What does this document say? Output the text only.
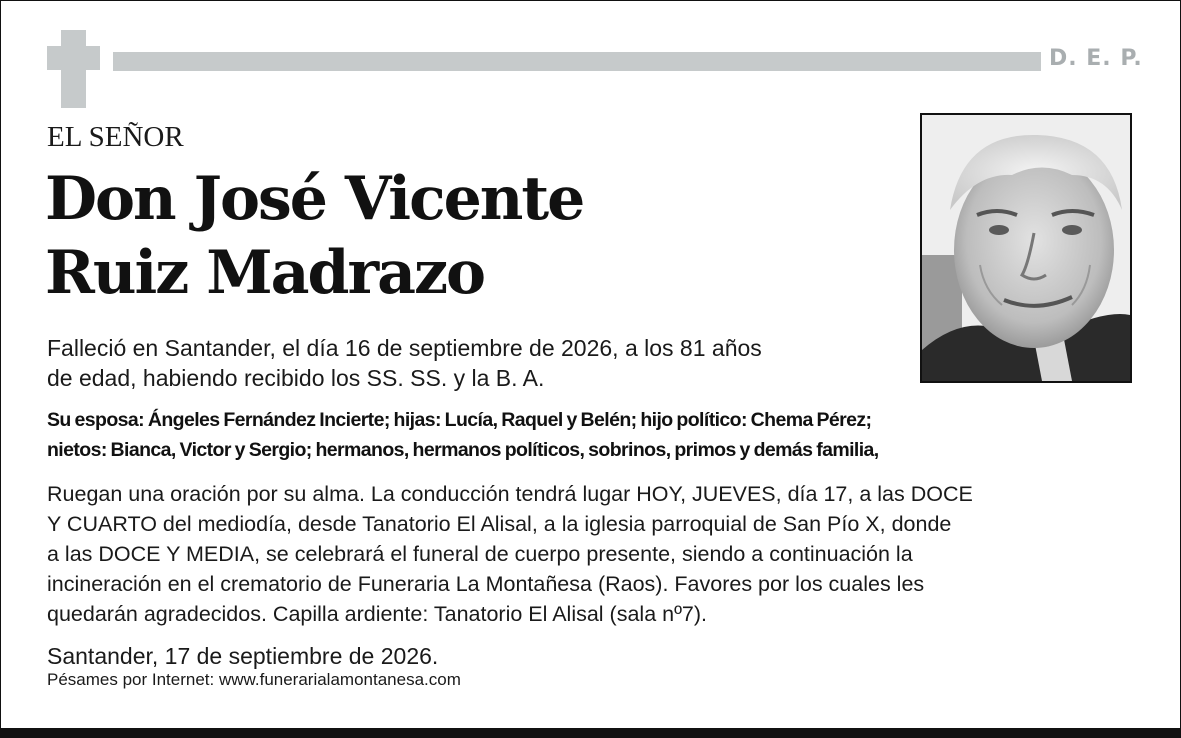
D. E. P.
EL SEÑOR
Don José Vicente
Ruiz Madrazo
Falleció en Santander, el día 16 de septiembre de 2026, a los 81 años
de edad, habiendo recibido los SS. SS. y la B. A.
Su esposa: Ángeles Fernández Incierte; hijas: Lucía, Raquel y Belén; hijo político: Chema Pérez;
nietos: Bianca, Victor y Sergio; hermanos, hermanos políticos, sobrinos, primos y demás familia,
Ruegan una oración por su alma. La conducción tendrá lugar HOY, JUEVES, día 17, a las DOCE
Y CUARTO del mediodía, desde Tanatorio El Alisal, a la iglesia parroquial de San Pío X, donde
a las DOCE Y MEDIA, se celebrará el funeral de cuerpo presente, siendo a continuación la
incineración en el crematorio de Funeraria La Montañesa (Raos). Favores por los cuales les
quedarán agradecidos. Capilla ardiente: Tanatorio El Alisal (sala nº7).
Santander, 17 de septiembre de 2026.
Pésames por Internet: www.funerarialamontanesa.com
